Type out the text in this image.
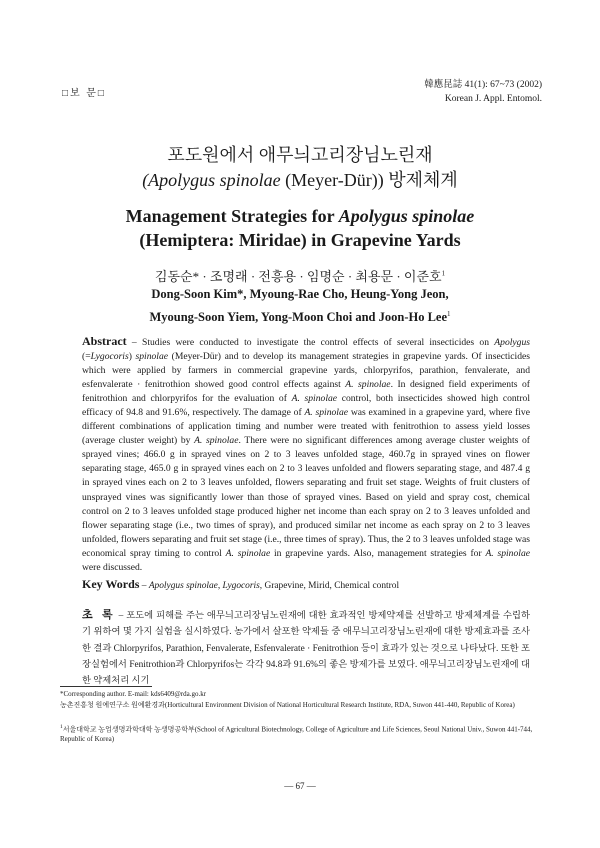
□보 문□
韓應昆誌 41(1): 67~73 (2002)
Korean J. Appl. Entomol.
포도원에서 애무늬고리장님노린재
(Apolygus spinolae (Meyer-Dür)) 방제체계
Management Strategies for Apolygus spinolae
(Hemiptera: Miridae) in Grapevine Yards
김동순* · 조명래 · 전흥용 · 임명순 · 최용문 · 이준호$^1$
Dong-Soon Kim*, Myoung-Rae Cho, Heung-Yong Jeon,
Myoung-Soon Yiem, Yong-Moon Choi and Joon-Ho Lee$^1$
Abstract – Studies were conducted to investigate the control effects of several insecticides on Apolygus (=Lygocoris) spinolae (Meyer-Dür) and to develop its management strategies in grapevine yards. Of insecticides which were applied by farmers in commercial grapevine yards, chlorpyrifos, parathion, fenvalerate, and esfenvalerate · fenitrothion showed good control effects against A. spinolae. In designed field experiments of fenitrothion and chlorpyrifos for the evaluation of A. spinolae control, both insecticides showed high control efficacy of 94.8 and 91.6%, respectively. The damage of A. spinolae was examined in a grapevine yard, where five different combinations of application timing and number were treated with fenitrothion to assess yield losses (average cluster weight) by A. spinolae. There were no significant differences among average cluster weights of sprayed vines; 466.0 g in sprayed vines on 2 to 3 leaves unfolded stage, 460.7g in sprayed vines on flower separating stage, 465.0 g in sprayed vines each on 2 to 3 leaves unfolded and flowers separating stage, and 487.4 g in sprayed vines each on 2 to 3 leaves unfolded, flowers separating and fruit set stage. Weights of fruit clusters of unsprayed vines was significantly lower than those of sprayed vines. Based on yield and spray cost, chemical control on 2 to 3 leaves unfolded stage produced higher net income than each spray on 2 to 3 leaves unfolded and flower separating stage (i.e., two times of spray), and produced similar net income as each spray on 2 to 3 leaves unfolded, flowers separating and fruit set stage (i.e., three times of spray). Thus, the 2 to 3 leaves unfolded stage was economical spray timing to control A. spinolae in grapevine yards. Also, management strategies for A. spinolae were discussed.
Key Words – Apolygus spinolae, Lygocoris, Grapevine, Mirid, Chemical control
초 록 – 포도에 피해를 주는 애무늬고리장님노린재에 대한 효과적인 방제약제를 선발하고 방제체계를 수립하기 위하여 몇 가지 실험을 실시하였다. 농가에서 살포한 약제들 중 애무늬고리장님노린재에 대한 방제효과를 조사한 결과 Chlorpyrifos, Parathion, Fenvalerate, Esfenvalerate · Fenitrothion 등이 효과가 있는 것으로 나타났다. 또한 포장실험에서 Fenitrothion과 Chlorpyrifos는 각각 94.8과 91.6%의 좋은 방제가를 보였다. 애무늬고리장님노린재에 대한 약제처리 시기
*Corresponding author. E-mail: kds6409@rda.go.kr
농촌진흥청 원예연구소 원예환경과(Horticultural Environment Division of National Horticultural Research Institute, RDA, Suwon 441-440, Republic of Korea)
$^1$서울대학교 농업생명과학대학 농생명공학부(School of Agricultural Biotechnology, College of Agriculture and Life Sciences, Seoul National Univ., Suwon 441-744, Republic of Korea)
— 67 —
